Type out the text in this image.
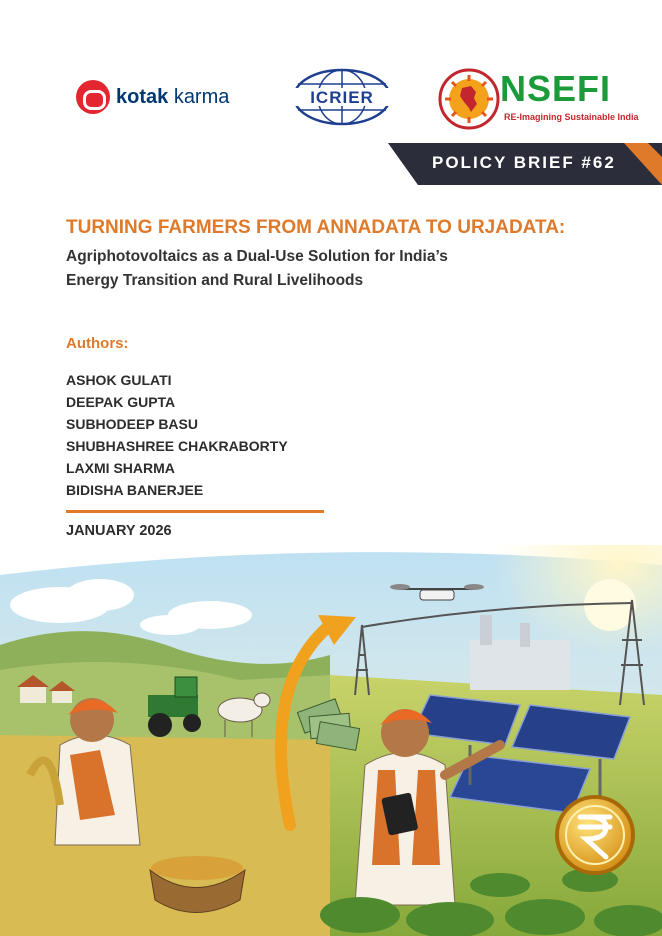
kotak karma	ICRIER	NSEFI
RE-Imagining Sustainable India
POLICY BRIEF #62
TURNING FARMERS FROM ANNADATA TO URJADATA:
Agriphotovoltaics as a Dual-Use Solution for India’s
Energy Transition and Rural Livelihoods
Authors:
ASHOK GULATI
DEEPAK GUPTA
SUBHODEEP BASU
SHUBHASHREE CHAKRABORTY
LAXMI SHARMA
BIDISHA BANERJEE
JANUARY 2026
